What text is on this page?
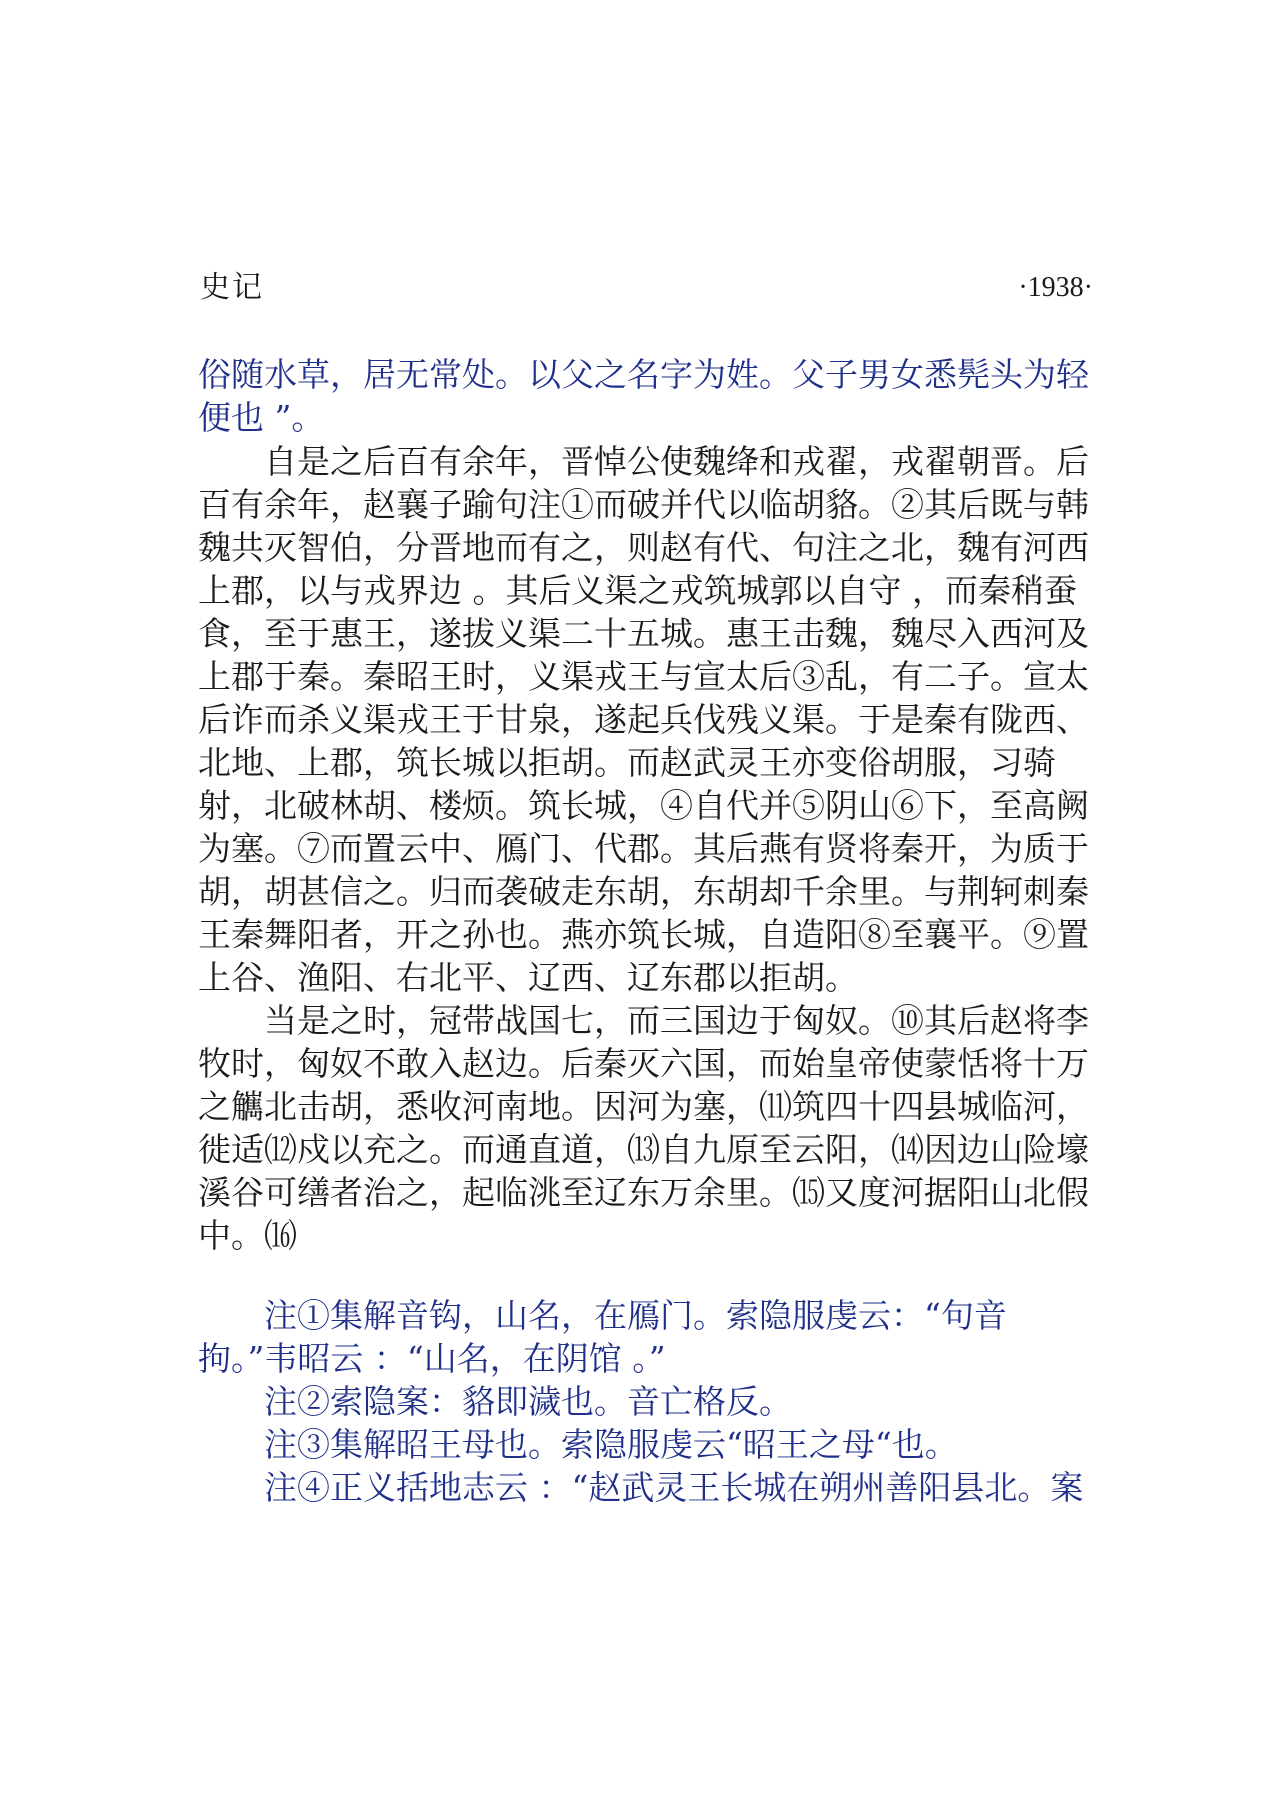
史记	·1938·
俗随水草，居无常处。以父之名字为姓。父子男女悉髡头为轻便也 ”。

自是之后百有余年，晋悼公使魏绛和戎翟，戎翟朝晋。后百有余年，赵襄子踰句注①而破并代以临胡貉。②其后既与韩魏共灭智伯，分晋地而有之，则赵有代、句注之北，魏有河西上郡，以与戎界边 。其后义渠之戎筑城郭以自守 ，而秦稍蚕食，至于惠王，遂拔义渠二十五城。惠王击魏，魏尽入西河及上郡于秦。秦昭王时，义渠戎王与宣太后③乱，有二子。宣太后诈而杀义渠戎王于甘泉，遂起兵伐残义渠。于是秦有陇西、北地、上郡，筑长城以拒胡。而赵武灵王亦变俗胡服，习骑射，北破林胡、楼烦。筑长城，④自代并⑤阴山⑥下，至高阙为塞。⑦而置云中、鴈门、代郡。其后燕有贤将秦开，为质于胡，胡甚信之。归而袭破走东胡，东胡却千余里。与荆轲刺秦王秦舞阳者，开之孙也。燕亦筑长城，自造阳⑧至襄平。⑨置上谷、渔阳、右北平、辽西、辽东郡以拒胡。

当是之时，冠带战国七，而三国边于匈奴。⑩其后赵将李牧时，匈奴不敢入赵边。后秦灭六国，而始皇帝使蒙恬将十万之觽北击胡，悉收河南地。因河为塞，⑾筑四十四县城临河，徙适⑿戍以充之。而通直道，⒀自九原至云阳，⒁因边山险壕溪谷可缮者治之，起临洮至辽东万余里。⒂又度河据阳山北假中。⒃

注①集解音钩，山名，在鴈门。索隐服虔云：“句音拘。”韦昭云 ：“山名，在阴馆 。”

注②索隐案：貉即濊也。音亡格反。

注③集解昭王母也。索隐服虔云“昭王之母“也。

注④正义括地志云 ：“赵武灵王长城在朔州善阳县北。案
